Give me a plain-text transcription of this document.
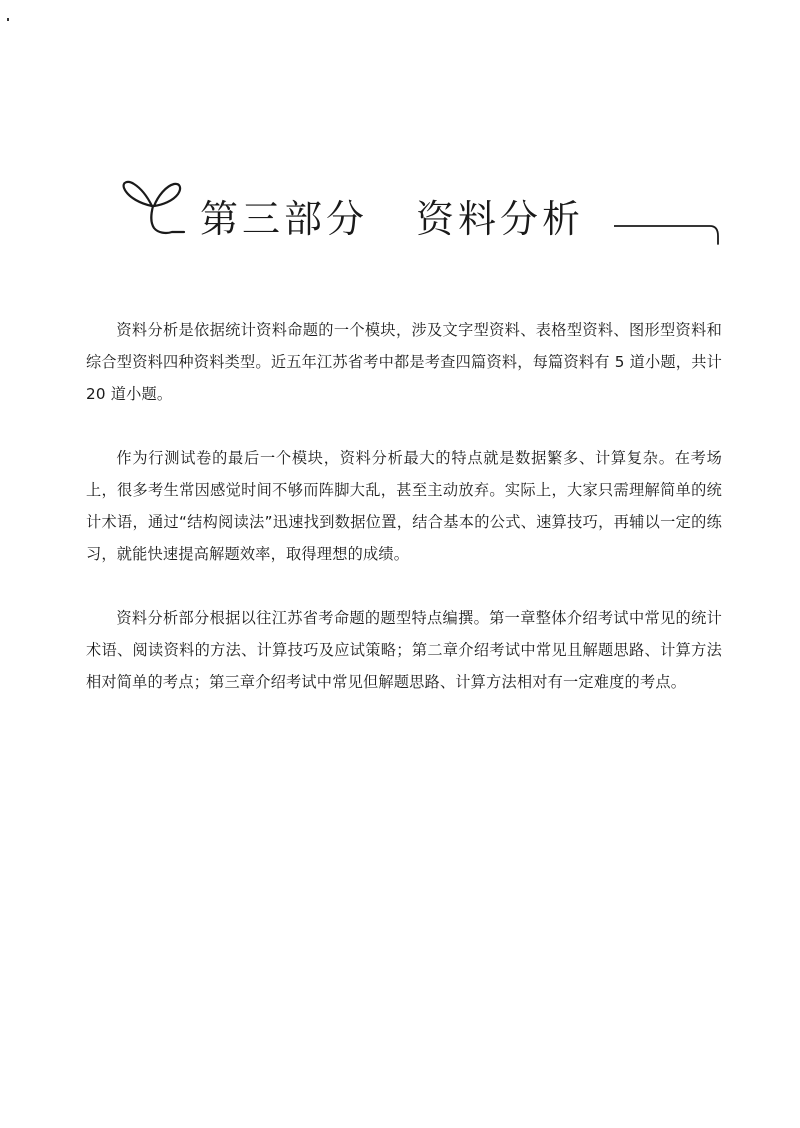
第三部分 资料分析

资料分析是依据统计资料命题的一个模块，涉及文字型资料、表格型资料、图形型资料和综合型资料四种资料类型。近五年江苏省考中都是考查四篇资料，每篇资料有 5 道小题，共计 20 道小题。

作为行测试卷的最后一个模块，资料分析最大的特点就是数据繁多、计算复杂。在考场上，很多考生常因感觉时间不够而阵脚大乱，甚至主动放弃。实际上，大家只需理解简单的统计术语，通过“结构阅读法”迅速找到数据位置，结合基本的公式、速算技巧，再辅以一定的练习，就能快速提高解题效率，取得理想的成绩。

资料分析部分根据以往江苏省考命题的题型特点编撰。第一章整体介绍考试中常见的统计术语、阅读资料的方法、计算技巧及应试策略；第二章介绍考试中常见且解题思路、计算方法相对简单的考点；第三章介绍考试中常见但解题思路、计算方法相对有一定难度的考点。
